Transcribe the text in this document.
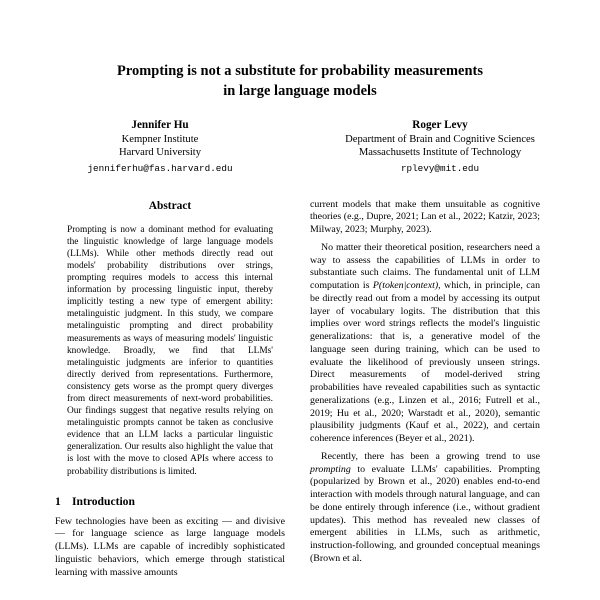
Prompting is not a substitute for probability measurements
in large language models
Jennifer Hu
Kempner Institute
Harvard University
jenniferhu@fas.harvard.edu
Roger Levy
Department of Brain and Cognitive Sciences
Massachusetts Institute of Technology
rplevy@mit.edu
Abstract
Prompting is now a dominant method for evaluating the linguistic knowledge of large language models (LLMs). While other methods directly read out models' probability distributions over strings, prompting requires models to access this internal information by processing linguistic input, thereby implicitly testing a new type of emergent ability: metalinguistic judgment. In this study, we compare metalinguistic prompting and direct probability measurements as ways of measuring models' linguistic knowledge. Broadly, we find that LLMs' metalinguistic judgments are inferior to quantities directly derived from representations. Furthermore, consistency gets worse as the prompt query diverges from direct measurements of next-word probabilities. Our findings suggest that negative results relying on metalinguistic prompts cannot be taken as conclusive evidence that an LLM lacks a particular linguistic generalization. Our results also highlight the value that is lost with the move to closed APIs where access to probability distributions is limited.
1 Introduction

Few technologies have been as exciting — and divisive — for language science as large language models (LLMs). LLMs are capable of incredibly sophisticated linguistic behaviors, which emerge through statistical learning with massive amounts

current models that make them unsuitable as cognitive theories (e.g., Dupre, 2021; Lan et al., 2022; Katzir, 2023; Milway, 2023; Murphy, 2023).

No matter their theoretical position, researchers need a way to assess the capabilities of LLMs in order to substantiate such claims. The fundamental unit of LLM computation is P(token|context), which, in principle, can be directly read out from a model by accessing its output layer of vocabulary logits. The distribution that this implies over word strings reflects the model's linguistic generalizations: that is, a generative model of the language seen during training, which can be used to evaluate the likelihood of previously unseen strings. Direct measurements of model-derived string probabilities have revealed capabilities such as syntactic generalizations (e.g., Linzen et al., 2016; Futrell et al., 2019; Hu et al., 2020; Warstadt et al., 2020), semantic plausibility judgments (Kauf et al., 2022), and certain coherence inferences (Beyer et al., 2021).

Recently, there has been a growing trend to use prompting to evaluate LLMs' capabilities. Prompting (popularized by Brown et al., 2020) enables end-to-end interaction with models through natural language, and can be done entirely through inference (i.e., without gradient updates). This method has revealed new classes of emergent abilities in LLMs, such as arithmetic, instruction-following, and grounded conceptual meanings (Brown et al.
